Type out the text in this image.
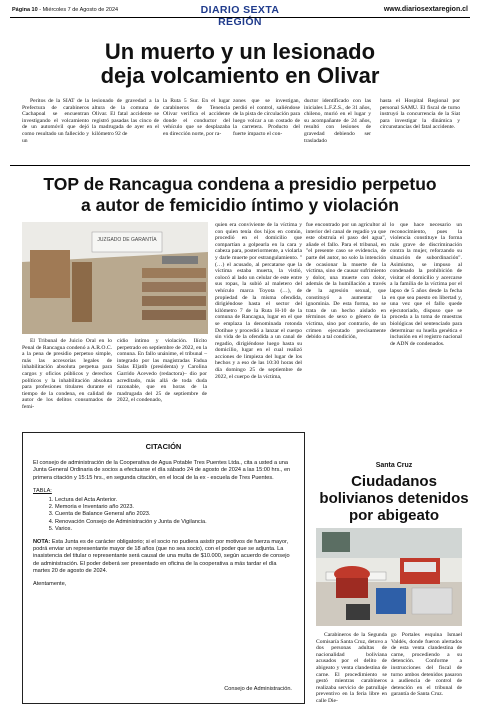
Página 10 - Miércoles 7 de Agosto de 2024	DIARIO SEXTA REGIÓN
www.diariosextaregion.cl
Un muerto y un lesionado
deja volcamiento en Olivar

Peritos de la SIAT de la Prefectura de carabineros Cachapoal se encuentran investigando el volcamiento de un automóvil que dejó como resultado un fallecido y un

lesionado de gravedad a la altura de la comuna de Olivar. El fatal accidente se registró pasadas las cinco de la madrugada de ayer en el kilómetro 92 de

la Ruta 5 Sur. En el lugar carabineros de Tenencia Olivar verifica el accidente donde el conductor del vehículo que se desplazaba en dirección norte, por ra-

zones que se investigan, perdió el control, saliéndose de la pista de circulación para luego volcar a un costado de la carretera. Producto del fuerte impacto el con-

ductor identificado con las iniciales L.F.Z.S., de 31 años, chileno, murió en el lugar y su acompañante de 24 años, resultó con lesiones de gravedad debiendo ser trasladado

hasta el Hospital Regional por personal SAMU. El fiscal de turno instruyó la concurrencia de la Siat para investigar la dinámica y circunstancias del fatal accidente.

TOP de Rancagua condena a presidio perpetuo
a autor de femicidio íntimo y violación
JUZGADO DE GARANTÍA

El Tribunal de Juicio Oral en lo Penal de Rancagua condenó a A.R.O.C. a la pena de presidio perpetuo simple, más las accesorias legales de inhabilitación absoluta perpetua para cargos y oficios públicos y derechos políticos y la inhabilitación absoluta para profesiones titulares durante el tiempo de la condena, en calidad de autor de los delitos consumados de femi-

cidio íntimo y violación. Ilícito perpetrado en septiembre de 2022, en la comuna. En fallo unánime, el tribunal –integrado por las magistradas Fadua Salas Eljatib (presidenta) y Carolina Garrido Acevedo (redactora)– dio por acreditado, más allá de toda duda razonable, que en horas de la madrugada del 25 de septiembre de 2022, el condenado,

quien era conviviente de la víctima y con quien tenía dos hijos en común, procedió en el domicilio que compartían a golpearla en la cara y cabeza para, posteriormente, a violarla y darle muerte por estrangulamiento. "(…) el acusado, al percatarse que la víctima estaba muerta, la vistió, colocó al lado un celular de este entre sus ropas, la subió al maletero del vehículo marca Toyota (…), de propiedad de la misma ofendida, dirigiéndose hasta el sector del kilómetro 7 de la Ruta H-10 de la comuna de Rancagua, lugar en el que se emplaza la denominada rotonda Dotihue y procedió a lanzar el cuerpo sin vida de la ofendida a un canal de regadío, dirigiéndose luego hasta su domicilio, lugar en el cual realizó acciones de limpieza del lugar de los hechos y a eso de las 10:30 horas del día domingo 25 de septiembre de 2022, el cuerpo de la víctima,

fue encontrado por un agricultor al interior del canal de regadío ya que este obstruía el paso del agua", añade el fallo. Para el tribunal, en "el presente caso se evidencia, de parte del autor, no solo la intención de ocasionar la muerte de la víctima, sino de causar sufrimiento y dolor, una muerte con dolor, además de la humillación a través de la agresión sexual, que constituyó a aumentar la ignominia. De esta forma, no se trata de un hecho aislado en términos de sexo o género de la víctima, sino por contrario, de un crimen ejecutado precisamente debido a tal condición,

lo que hace necesario un reconocimiento, pues la violencia constituye la forma más grave de discriminación contra la mujer, reforzando su situación de subordinación". Asimismo, se impuso al condenado la prohibición de visitar el domicilio y acercarse a la familia de la víctima por el lapso de 5 años desde la fecha en que sea puesto en libertad y, una vez que el fallo quede ejecutoriado, dispuso que se proceda a la toma de muestras biológicas del sentenciado para determinar su huella genética e inclusión en el registro nacional de ADN de condenados.

CITACIÓN

El consejo de administración de la Cooperativa de Agua Potable Tres Puentes Ltda., cita a usted a una Junta General Ordinaria de socios a efectuarse el día sábado 24 de agosto de 2024 a las 15:00 hrs., en primera citación y 15:15 hrs., en segunda citación, en el local de la ex - escuela de Tres Puentes.

TABLA:

1. Lectura del Acta Anterior.
2. Memoria e Inventario año 2023.
3. Cuenta de Balance General año 2023.
4. Renovación Consejo de Administración y Junta de Vigilancia.
5. Varios.

NOTA: Esta Junta es de carácter obligatorio; si el socio no pudiera asistir por motivos de fuerza mayor, podrá enviar un representante mayor de 18 años (que no sea socio), con el poder que se adjunta. La inasistencia del titular o representante será causal de una multa de $10.000, según acuerdo de consejo de administración. El poder deberá ser presentado en oficina de la cooperativa a más tardar el día martes 20 de agosto de 2024.

Atentamente,

Consejo de Administración.
Santa Cruz
Ciudadanos
bolivianos detenidos
por abigeato

Carabineros de la Segunda Comisaría Santa Cruz, detuvo a dos personas adultas de nacionalidad boliviana acusados por el delito de abigeato y venta clandestina de carne. El procedimiento se gestó mientras carabineros realizaba servicio de patrullaje preventivo en la feria libre en calle Die-

go Portales esquina Ismael Valdés, donde fueron alertados de esta venta clandestina de carne, procediendo a su detención. Conforme a instrucciones del fiscal de turno ambos detenidos pasaron a audiencia de control de detención en el tribunal de garantía de Santa Cruz.
